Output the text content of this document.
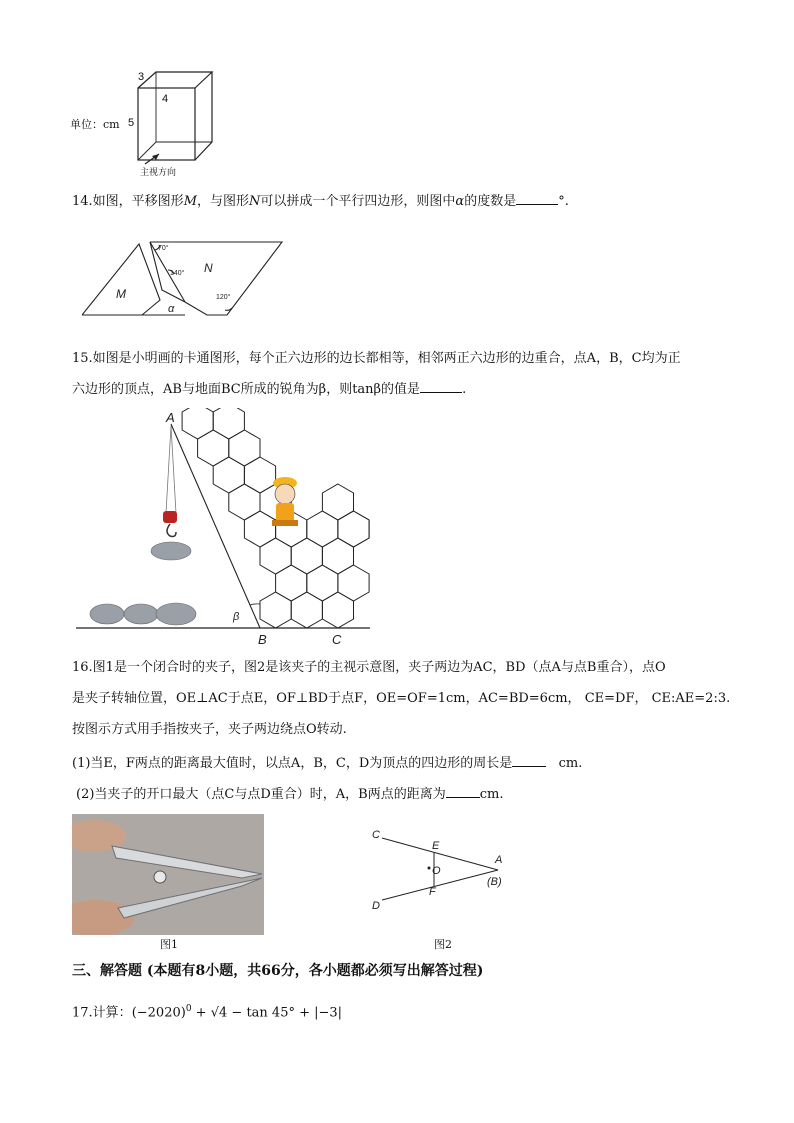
单位：cm
3
4
5
主视方向
14.如图，平移图形M，与图形N可以拼成一个平行四边形，则图中α的度数是	°.
70°
140°
120°
M
N
α
15.如图是小明画的卡通图形，每个正六边形的边长都相等，相邻两正六边形的边重合，点A，B，C均为正
六边形的顶点，AB与地面BC所成的锐角为β，则tanβ的值是	.
A
B	C
β
16.图1是一个闭合时的夹子，图2是该夹子的主视示意图，夹子两边为AC，BD（点A与点B重合），点O
是夹子转轴位置，OE⊥AC于点E，OF⊥BD于点F，OE=OF=1cm，AC=BD=6cm， CE=DF， CE:AE=2:3.
按图示方式用手指按夹子，夹子两边绕点O转动.
(1)当E，F两点的距离最大值时，以点A，B，C，D为顶点的四边形的周长是	cm.
(2)当夹子的开口最大（点C与点D重合）时，A，B两点的距离为	cm.
图1
C
E
O
A
(B)
F
D
图2
三、解答题 (本题有8小题，共66分，各小题都必须写出解答过程)
17.计算：$(-2020)^0 + √4 - \tan 45^\circ + |-3|$
